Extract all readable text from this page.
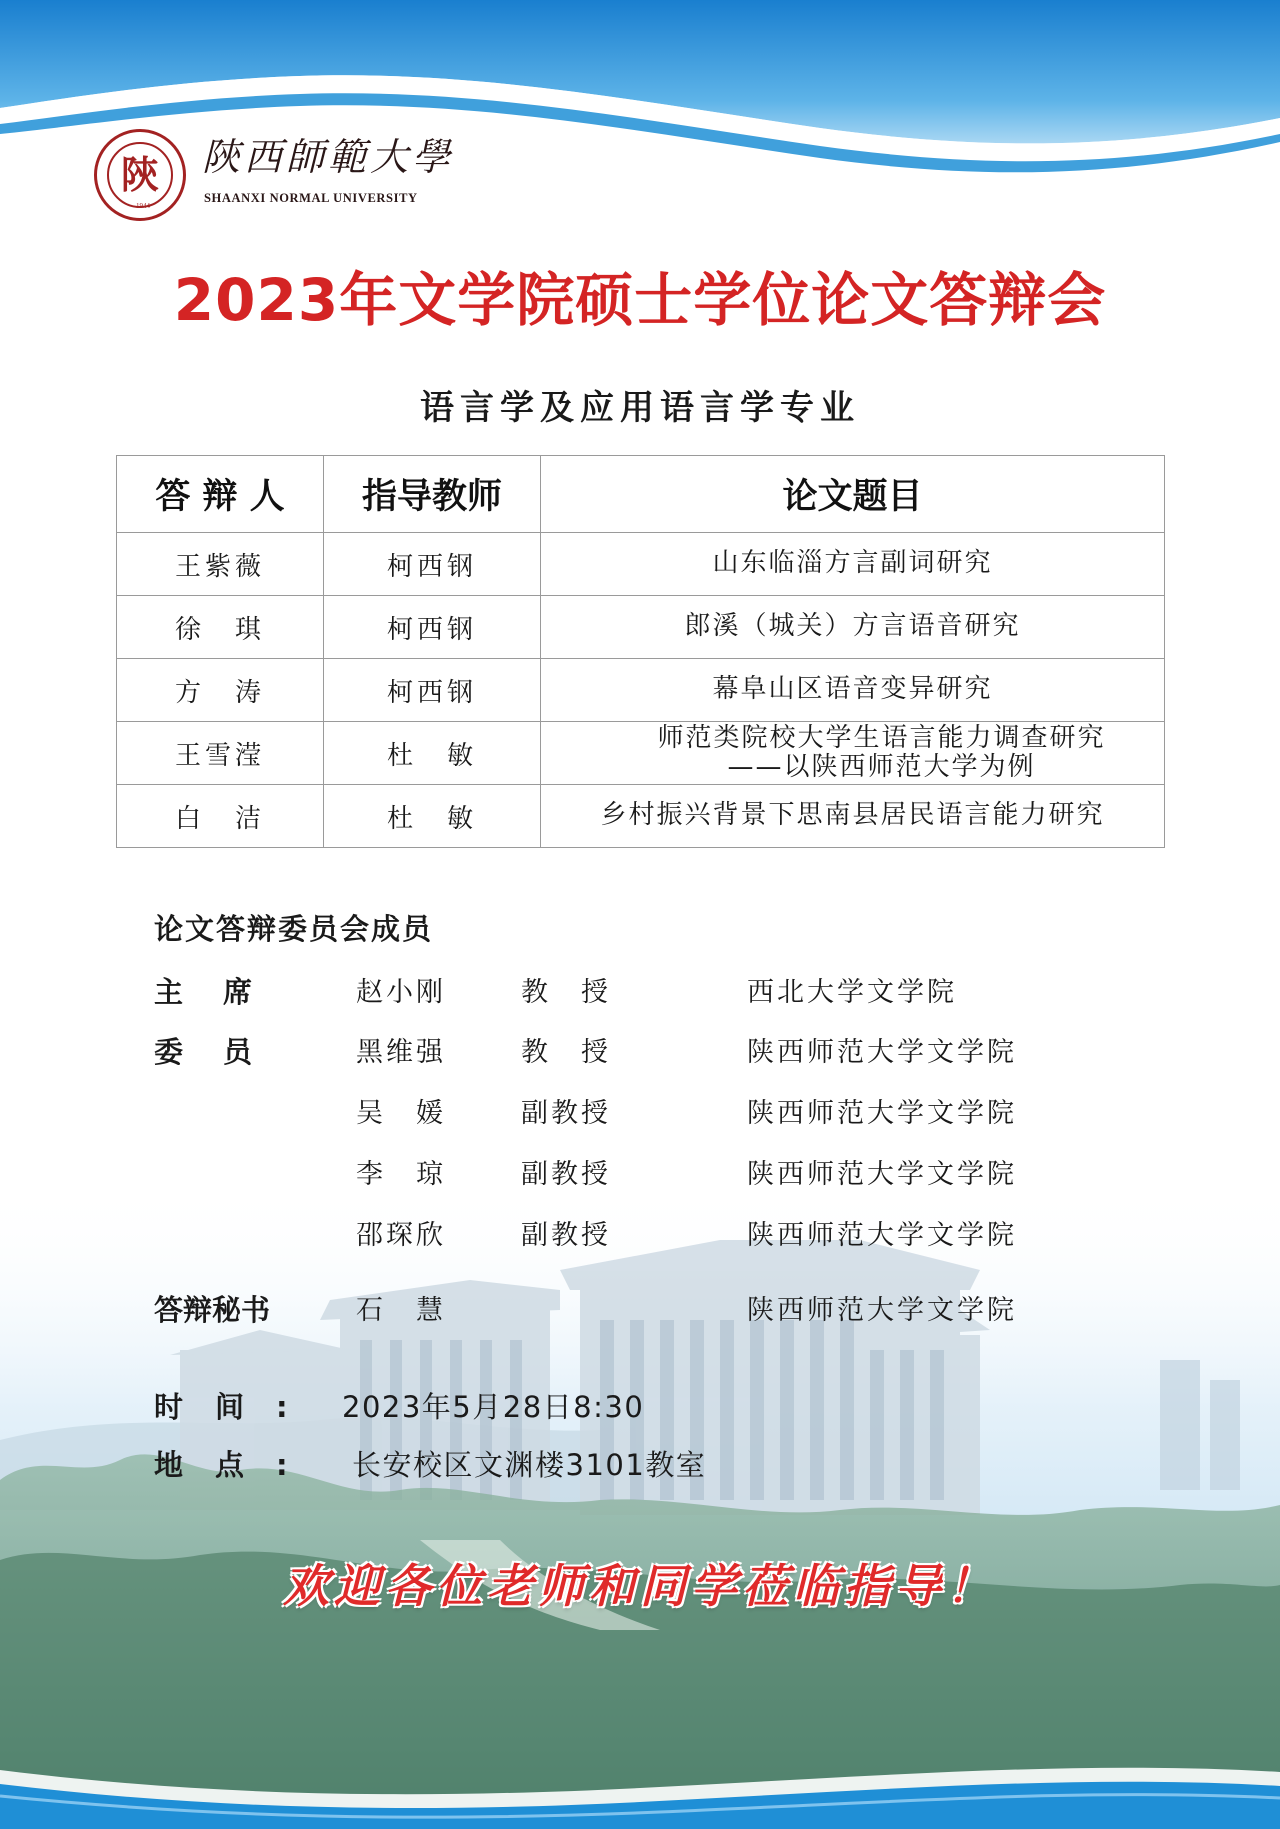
陝
1944
陝西師範大學
SHAANXI NORMAL UNIVERSITY
2023年文学院硕士学位论文答辩会
语言学及应用语言学专业
答 辩 人	指导教师	论文题目
王紫薇	柯西钢	山东临淄方言副词研究
徐　琪	柯西钢	郎溪（城关）方言语音研究
方　涛	柯西钢	幕阜山区语音变异研究
王雪滢	杜　敏	师范类院校大学生语言能力调查研究
——以陕西师范大学为例

白　洁	杜　敏	乡村振兴背景下思南县居民语言能力研究
论文答辩委员会成员
主席 赵小刚	教　授	西北大学文学院
委员 黑维强	教　授	陕西师范大学文学院
吴　媛	副教授	陕西师范大学文学院
李　琼	副教授	陕西师范大学文学院
邵琛欣	副教授	陕西师范大学文学院
答辩秘书	石　慧	陕西师范大学文学院
时间: 2023年5月28日8:30
地点: 长安校区文渊楼3101教室
欢迎各位老师和同学莅临指导！
